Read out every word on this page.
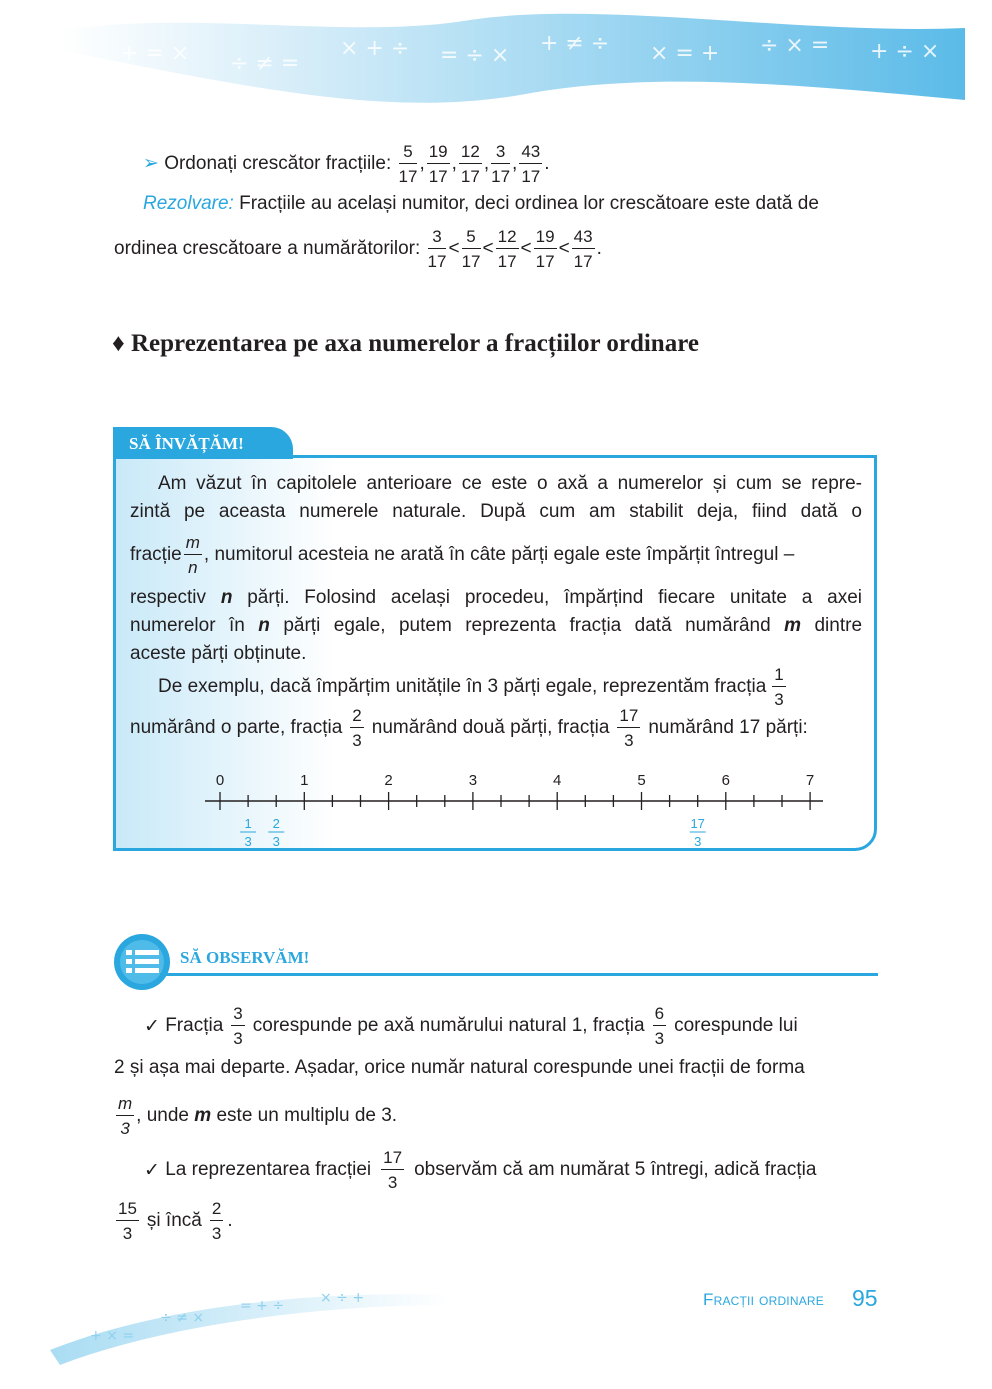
+ = × ÷ ≠ =
× + ÷ = ÷ × + ≠ ÷ × = + ÷ × = + ÷ ×
➢ Ordonați crescător fracțiile: $\frac{5}{17}$ , $\frac{19}{17}$ , $\frac{12}{17}$ , $\frac{3}{17}$ , $\frac{43}{17}$ .
Rezolvare: Fracțiile au același numitor, deci ordinea lor crescătoare este dată de
ordinea crescătoare a numărătorilor: $\frac{3}{17} < \frac{5}{17} < \frac{12}{17} < \frac{19}{17} < \frac{43}{17}$ .
♦ Reprezentarea pe axa numerelor a fracțiilor ordinare
SĂ ÎNVĂȚĂM!
Am văzut în capitolele anterioare ce este o axă a numerelor și cum se repre-
zintă pe aceasta numerele naturale. După cum am stabilit deja, fiind dată o
fracție $\frac{m}{n}$ , numitorul acesteia ne arată în câte părți egale este împărțit întregul –
respectiv n părți. Folosind același procedeu, împărțind fiecare unitate a axei
numerelor în n părți egale, putem reprezenta fracția dată numărând m dintre
aceste părți obținute.
De exemplu, dacă împărțim unitățile în 3 părți egale, reprezentăm fracția $\frac{1}{3}$
numărând o parte, fracția $\frac{2}{3}$ numărând două părți, fracția $\frac{17}{3}$ numărând 17 părți:
0	1	2	3	4	5	6	7
1
3
2
3
17
3
SĂ OBSERVĂM!
✓
Fracția $\frac{3}{3}$ corespunde pe axă numărului natural 1, fracția $\frac{6}{3}$ corespunde lui
2 și așa mai departe. Așadar, orice număr natural corespunde unei fracții de forma
$\frac{m}{3}$ , unde
m
este un multiplu de 3.
✓
La reprezentarea fracției $\frac{17}{3}$ observăm că am numărat 5 întregi, adică fracția
$\frac{15}{3}$ și încă $\frac{2}{3}$ .
+ × =
÷ ≠ ×
= + ÷	× ÷ +	Fracții ordinare 95
